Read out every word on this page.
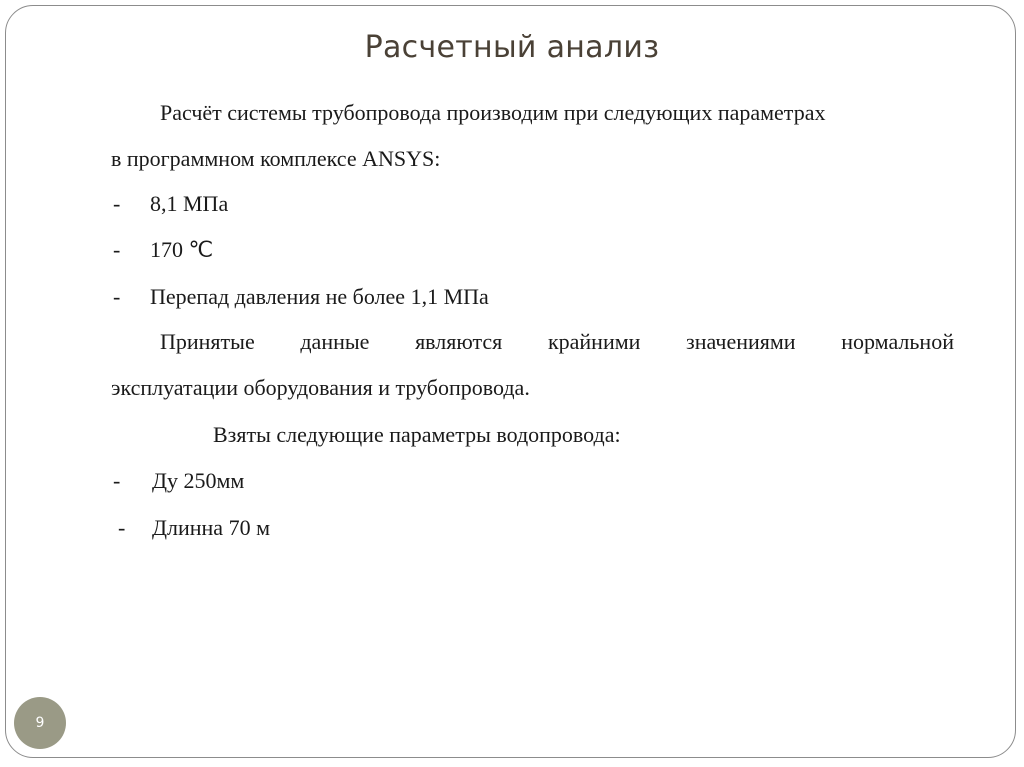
Расчетный анализ
Расчёт системы трубопровода производим при следующих параметрах
в программном комплексе ANSYS:
- 8,1 МПа
- 170 ℃
- Перепад давления не более 1,1 МПа
Принятые данные являются крайними значениями нормальной
эксплуатации оборудования и трубопровода.
Взяты следующие параметры водопровода:
- Ду 250мм
- Длинна 70 м
9
